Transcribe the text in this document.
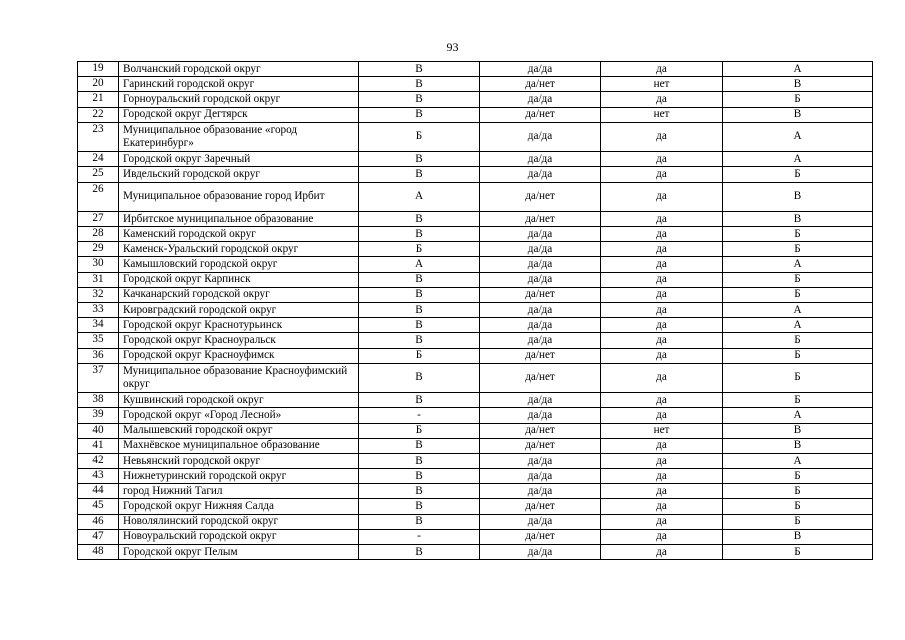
93
19	Волчанский городской округ	В	да/да	да	А
20	Гаринский городской округ	В	да/нет	нет	В
21	Горноуральский городской округ	В	да/да	да	Б
22	Городской округ Дегтярск	В	да/нет	нет	В
23	Муниципальное образование «город Екатеринбург»	Б	да/да	да	А
24	Городской округ Заречный	В	да/да	да	А
25	Ивдельский городской округ	В	да/да	да	Б
26	Муниципальное образование город Ирбит	А	да/нет	да	В
27	Ирбитское муниципальное образование	В	да/нет	да	В
28	Каменский городской округ	В	да/да	да	Б
29	Каменск-Уральский городской округ	Б	да/да	да	Б
30	Камышловский городской округ	А	да/да	да	А
31	Городской округ Карпинск	В	да/да	да	Б
32	Качканарский городской округ	В	да/нет	да	Б
33	Кировградский городской округ	В	да/да	да	А
34	Городской округ Краснотурьинск	В	да/да	да	А
35	Городской округ Красноуральск	В	да/да	да	Б
36	Городской округ Красноуфимск	Б	да/нет	да	Б
37	Муниципальное образование Красноуфимский округ	В	да/нет	да	Б
38	Кушвинский городской округ	В	да/да	да	Б
39	Городской округ «Город Лесной»	-	да/да	да	А
40	Малышевский городской округ	Б	да/нет	нет	В
41	Махнёвское муниципальное образование	В	да/нет	да	В
42	Невьянский городской округ	В	да/да	да	А
43	Нижнетуринский городской округ	В	да/да	да	Б
44	город Нижний Тагил	В	да/да	да	Б
45	Городской округ Нижняя Салда	В	да/нет	да	Б
46	Новолялинский городской округ	В	да/да	да	Б
47	Новоуральский городской округ	-	да/нет	да	В
48	Городской округ Пелым	В	да/да	да	Б
